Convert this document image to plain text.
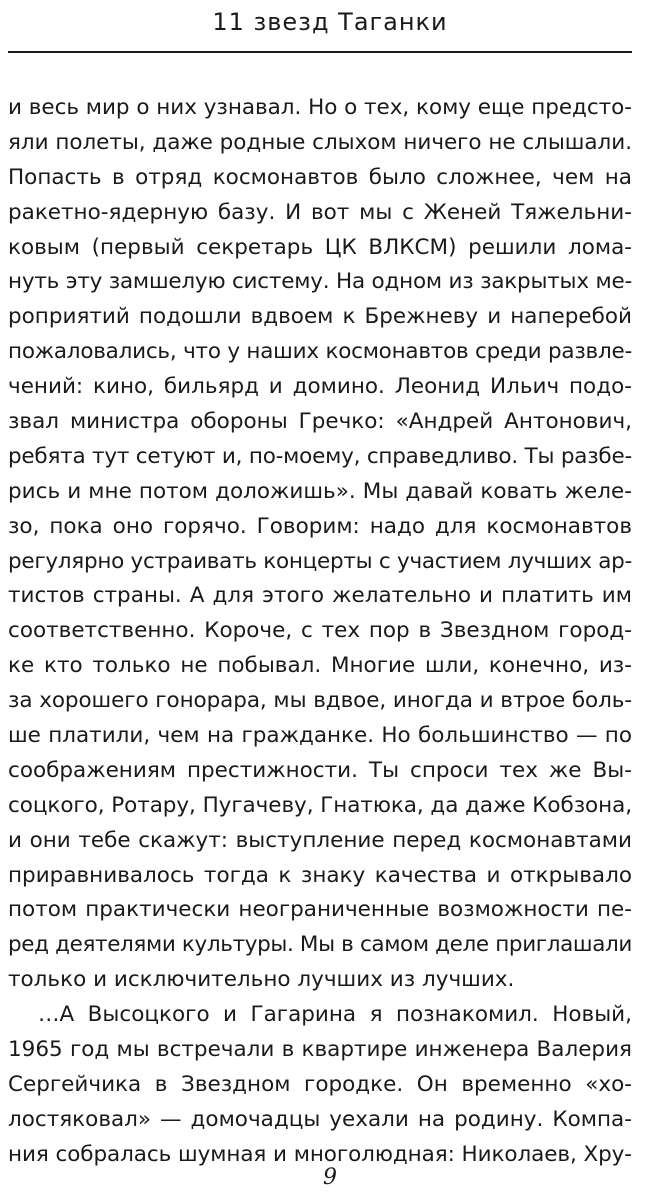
11 звезд Таганки
и весь мир о них узнавал. Но о тех, кому еще предсто-
яли полеты, даже родные слыхом ничего не слышали.
Попасть в отряд космонавтов было сложнее, чем на
ракетно-ядерную базу. И вот мы с Женей Тяжельни-
ковым (первый секретарь ЦК ВЛКСМ) решили лома-
нуть эту замшелую систему. На одном из закрытых ме-
роприятий подошли вдвоем к Брежневу и наперебой
пожаловались, что у наших космонавтов среди развле-
чений: кино, бильярд и домино. Леонид Ильич подо-
звал министра обороны Гречко: «Андрей Антонович,
ребята тут сетуют и, по-моему, справедливо. Ты разбе-
рись и мне потом доложишь». Мы давай ковать желе-
зо, пока оно горячо. Говорим: надо для космонавтов
регулярно устраивать концерты с участием лучших ар-
тистов страны. А для этого желательно и платить им
соответственно. Короче, с тех пор в Звездном город-
ке кто только не побывал. Многие шли, конечно, из-
за хорошего гонорара, мы вдвое, иногда и втрое боль-
ше платили, чем на гражданке. Но большинство — по
соображениям престижности. Ты спроси тех же Вы-
соцкого, Ротару, Пугачеву, Гнатюка, да даже Кобзона,
и они тебе скажут: выступление перед космонавтами
приравнивалось тогда к знаку качества и открывало
потом практически неограниченные возможности пе-
ред деятелями культуры. Мы в самом деле приглашали
только и исключительно лучших из лучших.
…А Высоцкого и Гагарина я познакомил. Новый,
1965 год мы встречали в квартире инженера Валерия
Сергейчика в Звездном городке. Он временно «хо-
лостяковал» — домочадцы уехали на родину. Компа-
ния собралась шумная и многолюдная: Николаев, Хру-
9
